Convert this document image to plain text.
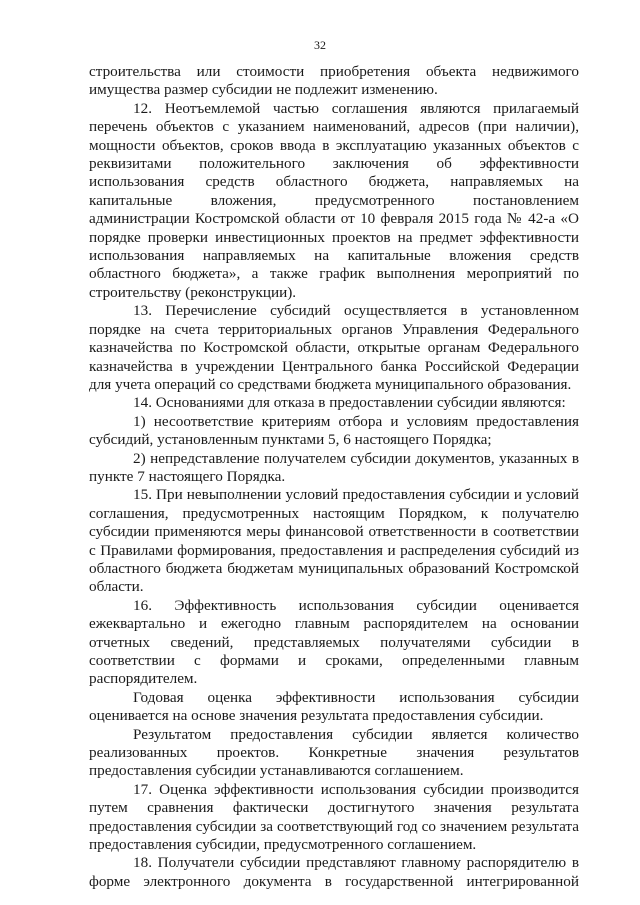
32

строительства или стоимости приобретения объекта недвижимого имущества размер субсидии не подлежит изменению.

12. Неотъемлемой частью соглашения являются прилагаемый перечень объектов с указанием наименований, адресов (при наличии), мощности объектов, сроков ввода в эксплуатацию указанных объектов с реквизитами положительного заключения об эффективности использования средств областного бюджета, направляемых на капитальные вложения, предусмотренного постановлением администрации Костромской области от 10 февраля 2015 года № 42-а «О порядке проверки инвестиционных проектов на предмет эффективности использования направляемых на капитальные вложения средств областного бюджета», а также график выполнения мероприятий по строительству (реконструкции).

13. Перечисление субсидий осуществляется в установленном порядке на счета территориальных органов Управления Федерального казначейства по Костромской области, открытые органам Федерального казначейства в учреждении Центрального банка Российской Федерации для учета операций со средствами бюджета муниципального образования.

14. Основаниями для отказа в предоставлении субсидии являются:

1) несоответствие критериям отбора и условиям предоставления субсидий, установленным пунктами 5, 6 настоящего Порядка;

2) непредставление получателем субсидии документов, указанных в пункте 7 настоящего Порядка.

15. При невыполнении условий предоставления субсидии и условий соглашения, предусмотренных настоящим Порядком, к получателю субсидии применяются меры финансовой ответственности в соответствии с Правилами формирования, предоставления и распределения субсидий из областного бюджета бюджетам муниципальных образований Костромской области.

16. Эффективность использования субсидии оценивается ежеквартально и ежегодно главным распорядителем на основании отчетных сведений, представляемых получателями субсидии в соответствии с формами и сроками, определенными главным распорядителем.

Годовая оценка эффективности использования субсидии оценивается на основе значения результата предоставления субсидии.

Результатом предоставления субсидии является количество реализованных проектов. Конкретные значения результатов предоставления субсидии устанавливаются соглашением.

17. Оценка эффективности использования субсидии производится путем сравнения фактически достигнутого значения результата предоставления субсидии за соответствующий год со значением результата предоставления субсидии, предусмотренного соглашением.

18. Получатели субсидии представляют главному распорядителю в форме электронного документа в государственной интегрированной
